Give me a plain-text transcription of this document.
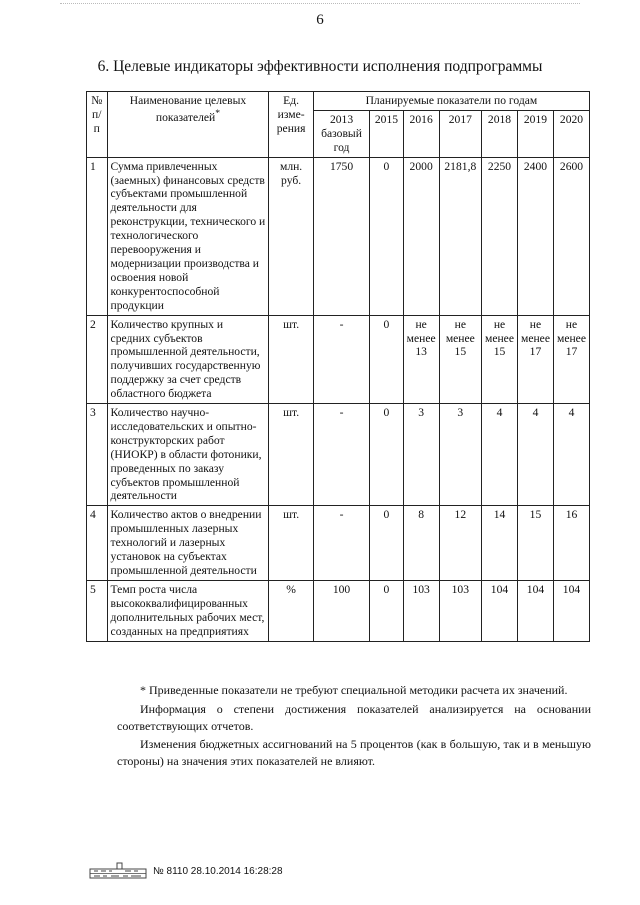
6
6. Целевые индикаторы эффективности исполнения подпрограммы
№ п/п	Наименование целевых показателей*	Ед. изме-рения	Планируемые показатели по годам						
			2013 базовый год	2015	2016	2017	2018	2019	2020
1	Сумма привлеченных (заемных) финансовых средств субъектами промышленной деятельности для реконструкции, технического и технологического перевооружения и модернизации производства и освоения новой конкурентоспособной продукции	млн. руб.	1750	0	2000	2181,8	2250	2400	2600
2	Количество крупных и средних субъектов промышленной деятельности, получивших государственную поддержку за счет средств областного бюджета	шт.	-	0	не менее 13	не менее 15	не менее 15	не менее 17	не менее 17
3	Количество научно-исследовательских и опытно-конструкторских работ (НИОКР) в области фотоники, проведенных по заказу субъектов промышленной деятельности	шт.	-	0	3	3	4	4	4
4	Количество актов о внедрении промышленных лазерных технологий и лазерных установок на субъектах промышленной деятельности	шт.	-	0	8	12	14	15	16
5	Темп роста числа высококвалифицированных дополнительных рабочих мест, созданных на предприятиях	%	100	0	103	103	104	104	104

* Приведенные показатели не требуют специальной методики расчета их значений.

Информация о степени достижения показателей анализируется на основании соответствующих отчетов.

Изменения бюджетных ассигнований на 5 процентов (как в большую, так и в меньшую стороны) на значения этих показателей не влияют.

№ 8110 28.10.2014 16:28:28
